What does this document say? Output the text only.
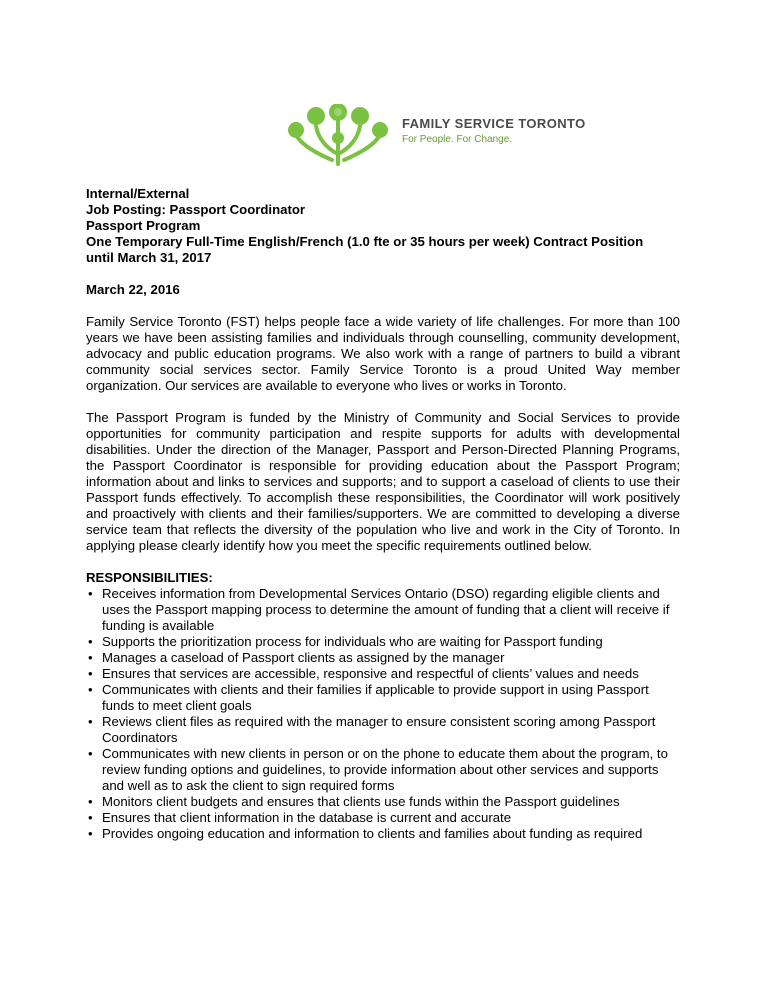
FAMILY SERVICE TORONTO
For People. For Change.
Internal/External
Job Posting: Passport Coordinator
Passport Program
One Temporary Full-Time English/French (1.0 fte or 35 hours per week) Contract Position
until March 31, 2017
March 22, 2016

Family Service Toronto (FST) helps people face a wide variety of life challenges. For more than 100 years we have been assisting families and individuals through counselling, community development, advocacy and public education programs. We also work with a range of partners to build a vibrant community social services sector. Family Service Toronto is a proud United Way member organization. Our services are available to everyone who lives or works in Toronto.

The Passport Program is funded by the Ministry of Community and Social Services to provide opportunities for community participation and respite supports for adults with developmental disabilities. Under the direction of the Manager, Passport and Person-Directed Planning Programs, the Passport Coordinator is responsible for providing education about the Passport Program; information about and links to services and supports; and to support a caseload of clients to use their Passport funds effectively. To accomplish these responsibilities, the Coordinator will work positively and proactively with clients and their families/supporters. We are committed to developing a diverse service team that reflects the diversity of the population who live and work in the City of Toronto. In applying please clearly identify how you meet the specific requirements outlined below.

RESPONSIBILITIES:
• Receives information from Developmental Services Ontario (DSO) regarding eligible clients and uses the Passport mapping process to determine the amount of funding that a client will receive if funding is available
• Supports the prioritization process for individuals who are waiting for Passport funding
• Manages a caseload of Passport clients as assigned by the manager
• Ensures that services are accessible, responsive and respectful of clients’ values and needs
• Communicates with clients and their families if applicable to provide support in using Passport funds to meet client goals
• Reviews client files as required with the manager to ensure consistent scoring among Passport Coordinators
• Communicates with new clients in person or on the phone to educate them about the program, to review funding options and guidelines, to provide information about other services and supports and well as to ask the client to sign required forms
• Monitors client budgets and ensures that clients use funds within the Passport guidelines
• Ensures that client information in the database is current and accurate
• Provides ongoing education and information to clients and families about funding as required
